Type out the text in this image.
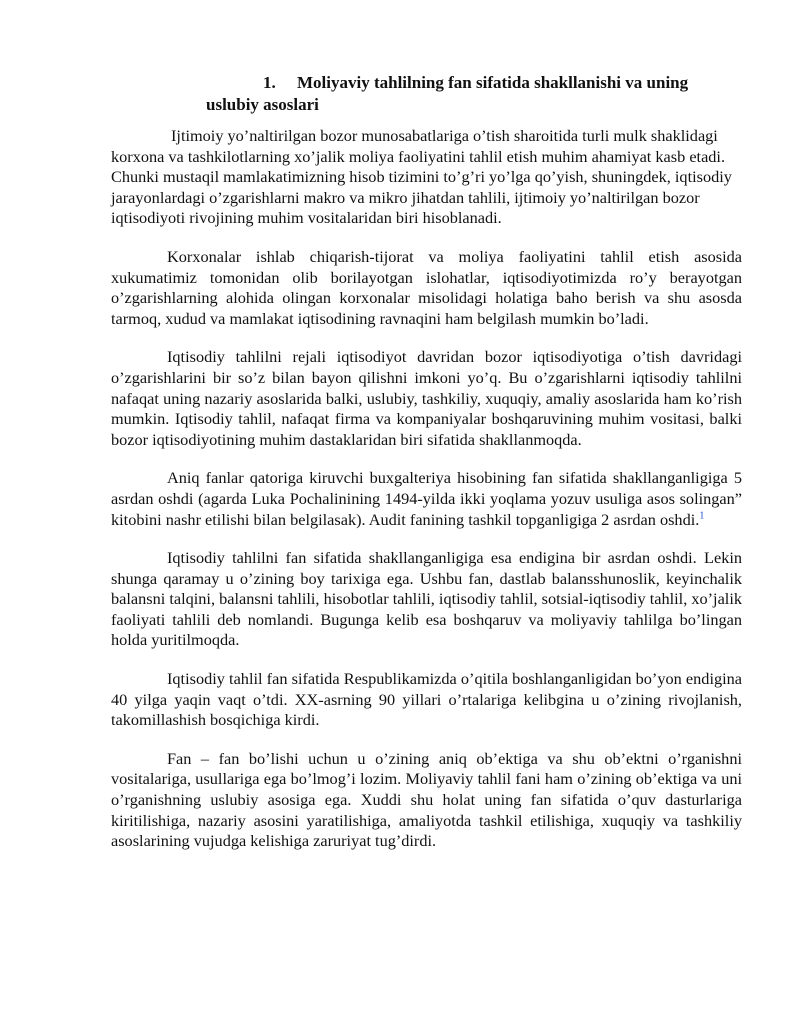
1. Moliyaviy tahlilning fan sifatida shakllanishi va uning
uslubiy asoslari

Ijtimoiy yo’naltirilgan bozor munosabatlariga o’tish sharoitida turli mulk shaklidagi korxona va tashkilotlarning xo’jalik moliya faoliyatini tahlil etish muhim ahamiyat kasb etadi. Chunki mustaqil mamlakatimizning hisob tizimini to’g’ri yo’lga qo’yish, shuningdek, iqtisodiy jarayonlardagi o’zgarishlarni makro va mikro jihatdan tahlili, ijtimoiy yo’naltirilgan bozor iqtisodiyoti rivojining muhim vositalaridan biri hisoblanadi.

Korxonalar ishlab chiqarish-tijorat va moliya faoliyatini tahlil etish asosida xukumatimiz tomonidan olib borilayotgan islohatlar, iqtisodiyotimizda ro’y berayotgan o’zgarishlarning alohida olingan korxonalar misolidagi holatiga baho berish va shu asosda tarmoq, xudud va mamlakat iqtisodining ravnaqini ham belgilash mumkin bo’ladi.

Iqtisodiy tahlilni rejali iqtisodiyot davridan bozor iqtisodiyotiga o’tish davridagi o’zgarishlarini bir so’z bilan bayon qilishni imkoni yo’q. Bu o’zgarishlarni iqtisodiy tahlilni nafaqat uning nazariy asoslarida balki, uslubiy, tashkiliy, xuquqiy, amaliy asoslarida ham ko’rish mumkin. Iqtisodiy tahlil, nafaqat firma va kompaniyalar boshqaruvining muhim vositasi, balki bozor iqtisodiyotining muhim dastaklaridan biri sifatida shakllanmoqda.

Aniq fanlar qatoriga kiruvchi buxgalteriya hisobining fan sifatida shakllanganligiga 5 asrdan oshdi (agarda Luka Pochalinining 1494-yilda ikki yoqlama yozuv usuliga asos solingan” kitobini nashr etilishi bilan belgilasak). Audit fanining tashkil topganligiga 2 asrdan oshdi.$^1$

Iqtisodiy tahlilni fan sifatida shakllanganligiga esa endigina bir asrdan oshdi. Lekin shunga qaramay u o’zining boy tarixiga ega. Ushbu fan, dastlab balansshunoslik, keyinchalik balansni talqini, balansni tahlili, hisobotlar tahlili, iqtisodiy tahlil, sotsial-iqtisodiy tahlil, xo’jalik faoliyati tahlili deb nomlandi. Bugunga kelib esa boshqaruv va moliyaviy tahlilga bo’lingan holda yuritilmoqda.

Iqtisodiy tahlil fan sifatida Respublikamizda o’qitila boshlanganligidan bo’yon endigina 40 yilga yaqin vaqt o’tdi. XX-asrning 90 yillari o’rtalariga kelibgina u o’zining rivojlanish, takomillashish bosqichiga kirdi.

Fan – fan bo’lishi uchun u o’zining aniq ob’ektiga va shu ob’ektni o’rganishni vositalariga, usullariga ega bo’lmog’i lozim. Moliyaviy tahlil fani ham o’zining ob’ektiga va uni o’rganishning uslubiy asosiga ega. Xuddi shu holat uning fan sifatida o’quv dasturlariga kiritilishiga, nazariy asosini yaratilishiga, amaliyotda tashkil etilishiga, xuquqiy va tashkiliy asoslarining vujudga kelishiga zaruriyat tug’dirdi.
